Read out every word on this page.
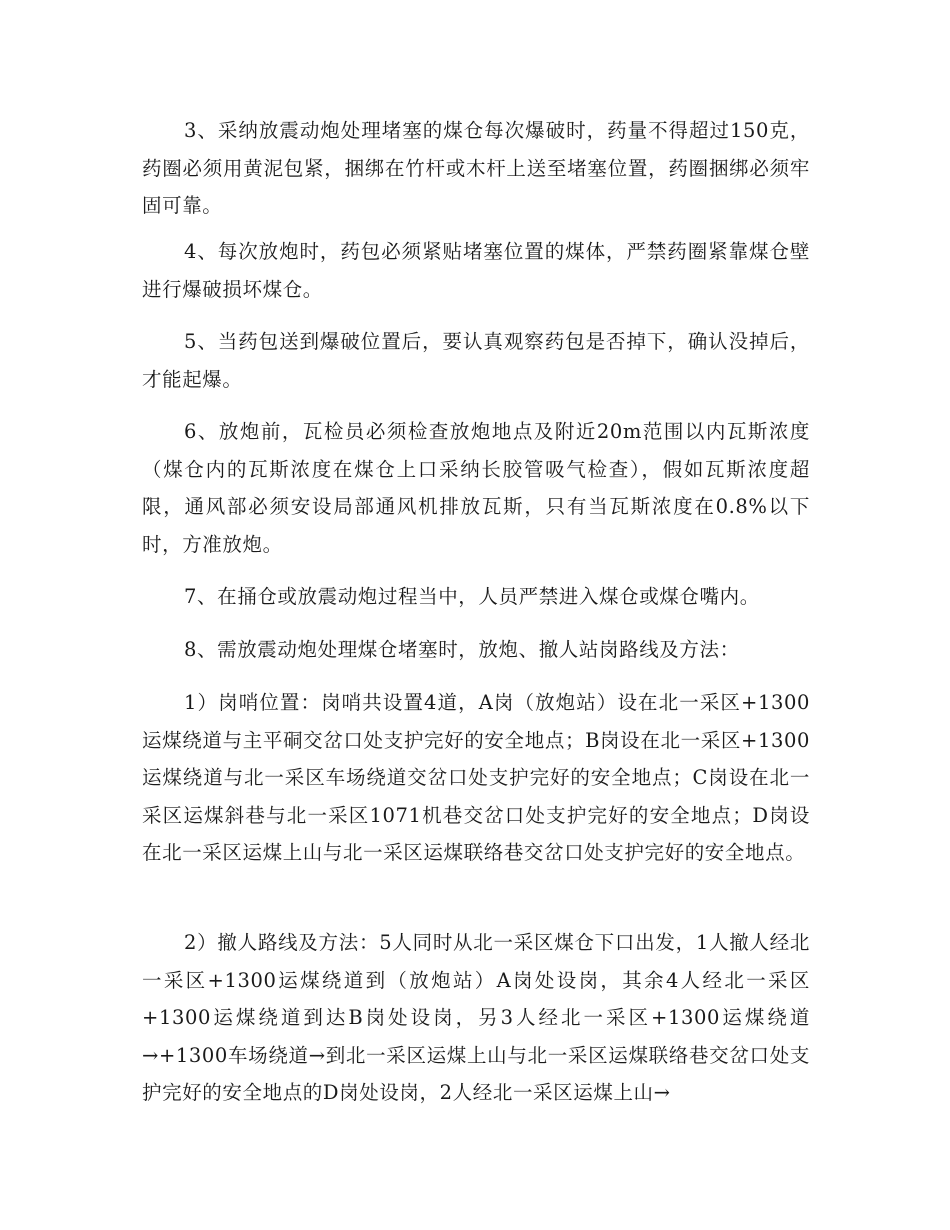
3、采纳放震动炮处理堵塞的煤仓每次爆破时，药量不得超过150克，药圈必须用黄泥包紧，捆绑在竹杆或木杆上送至堵塞位置，药圈捆绑必须牢固可靠。

4、每次放炮时，药包必须紧贴堵塞位置的煤体，严禁药圈紧靠煤仓壁进行爆破损坏煤仓。

5、当药包送到爆破位置后，要认真观察药包是否掉下，确认没掉后，才能起爆。

6、放炮前，瓦检员必须检查放炮地点及附近20m范围以内瓦斯浓度（煤仓内的瓦斯浓度在煤仓上口采纳长胶管吸气检查），假如瓦斯浓度超限，通风部必须安设局部通风机排放瓦斯，只有当瓦斯浓度在0.8%以下时，方准放炮。

7、在捅仓或放震动炮过程当中，人员严禁进入煤仓或煤仓嘴内。

8、需放震动炮处理煤仓堵塞时，放炮、撤人站岗路线及方法：

1）岗哨位置：岗哨共设置4道，A岗（放炮站）设在北一采区+1300运煤绕道与主平硐交岔口处支护完好的安全地点；B岗设在北一采区+1300运煤绕道与北一采区车场绕道交岔口处支护完好的安全地点；C岗设在北一采区运煤斜巷与北一采区1071机巷交岔口处支护完好的安全地点；D岗设在北一采区运煤上山与北一采区运煤联络巷交岔口处支护完好的安全地点。

2）撤人路线及方法：5人同时从北一采区煤仓下口出发，1人撤人经北一采区+1300运煤绕道到（放炮站）A岗处设岗，其余4人经北一采区+1300运煤绕道到达B岗处设岗，另3人经北一采区+1300运煤绕道→+1300车场绕道→到北一采区运煤上山与北一采区运煤联络巷交岔口处支护完好的安全地点的D岗处设岗，2人经北一采区运煤上山→
